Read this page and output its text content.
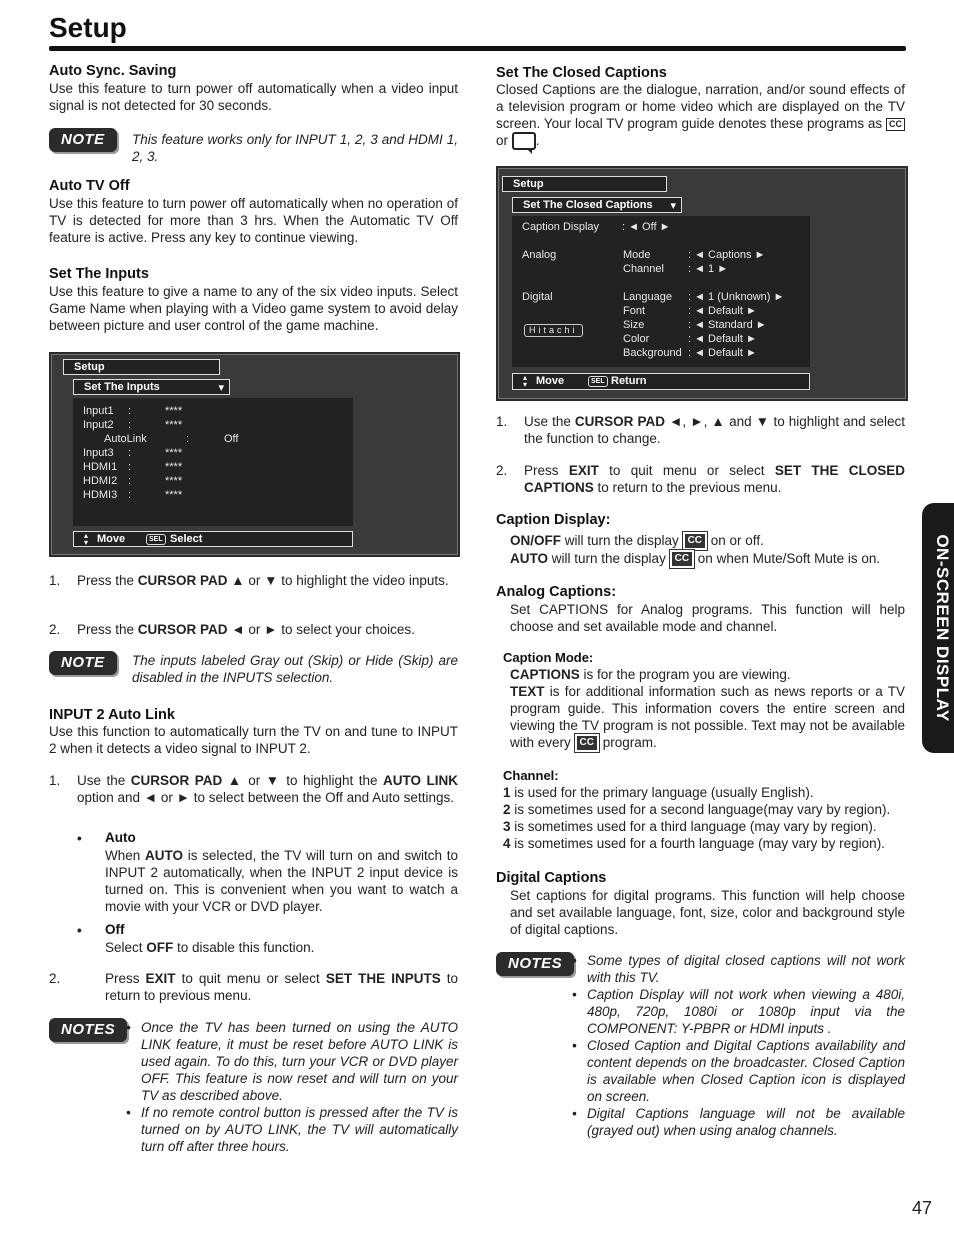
Setup
Auto Sync. Saving
Use this feature to turn power off automatically when a video input signal is not detected for 30 seconds.
NOTE	This feature works only for INPUT 1, 2, 3 and HDMI 1, 2, 3.
Auto TV Off
Use this feature to turn power off automatically when no operation of TV is detected for more than 3 hrs. When the Automatic TV Off feature is active. Press any key to continue viewing.
Set The Inputs
Use this feature to give a name to any of the six video inputs. Select Game Name when playing with a Video game system to avoid delay between picture and user control of the game machine.
Setup
Set The Inputs	▾
Input1 :	****
Input2 :	****
AutoLink	:	Off
Input3 :	****
HDMI1 :	****
HDMI2 :	****
HDMI3 :	****
▴
▾ Move	SEL Select
1. Press the CURSOR PAD ▲ or ▼ to highlight the video inputs.
2. Press the CURSOR PAD ◄ or ► to select your choices.
NOTE	The inputs labeled Gray out (Skip) or Hide (Skip) are disabled in the INPUTS selection.
INPUT 2 Auto Link
Use this function to automatically turn the TV on and tune to INPUT 2 when it detects a video signal to INPUT 2.
1. Use the CURSOR PAD ▲ or ▼ to highlight the AUTO LINK option and ◄ or ► to select between the Off and Auto settings.
• Auto
When AUTO is selected, the TV will turn on and switch to INPUT 2 automatically, when the INPUT 2 input device is turned on. This is convenient when you want to watch a movie with your VCR or DVD player.
• Off
Select OFF to disable this function.
2.	Press EXIT to quit menu or select SET THE INPUTS to return to previous menu.
NOTES • Once the TV has been turned on using the AUTO LINK feature, it must be reset before AUTO LINK is used again. To do this, turn your VCR or DVD player OFF. This feature is now reset and will turn on your TV as described above.
• If no remote control button is pressed after the TV is turned on by AUTO LINK, the TV will automatically turn off after three hours.
Set The Closed Captions
Closed Captions are the dialogue, narration, and/or sound effects of a television program or home video which are displayed on the TV screen. Your local TV program guide denotes these programs as CC or .
Setup
Set The Closed Captions ▾
Caption Display : ◄ Off ►
Analog	Mode	: ◄ Captions ►
Channel : ◄ 1 ►
Digital	Language : ◄ 1 (Unknown) ►
Font	: ◄ Default ►
Size	: ◄ Standard ►
Color	: ◄ Default ►
Background : ◄ Default ►
Hitachi
▴
▾ Move	SEL Return
1. Use the CURSOR PAD ◄, ►, ▲ and ▼ to highlight and select the function to change.
2. Press EXIT to quit menu or select SET THE CLOSED CAPTIONS to return to the previous menu.
Caption Display:
ON/OFF will turn the display CC on or off.
AUTO will turn the display CC on when Mute/Soft Mute is on.
Analog Captions:
Set CAPTIONS for Analog programs. This function will help choose and set available mode and channel.
Caption Mode:
CAPTIONS is for the program you are viewing.
TEXT is for additional information such as news reports or a TV program guide. This information covers the entire screen and viewing the TV program is not possible. Text may not be available with every CC program.
Channel:
1 is used for the primary language (usually English).
2 is sometimes used for a second language(may vary by region).
3 is sometimes used for a third language (may vary by region).
4 is sometimes used for a fourth language (may vary by region).
Digital Captions
Set captions for digital programs. This function will help choose and set available language, font, size, color and background style of digital captions.
NOTES • Some types of digital closed captions will not work with this TV.
• Caption Display will not work when viewing a 480i, 480p, 720p, 1080i or 1080p input via the COMPONENT: Y-PBPR or HDMI inputs .
• Closed Caption and Digital Captions availability and content depends on the broadcaster. Closed Caption is available when Closed Caption icon is displayed on screen.
• Digital Captions language will not be available (grayed out) when using analog channels.
ON-SCREEN DISPLAY
47
